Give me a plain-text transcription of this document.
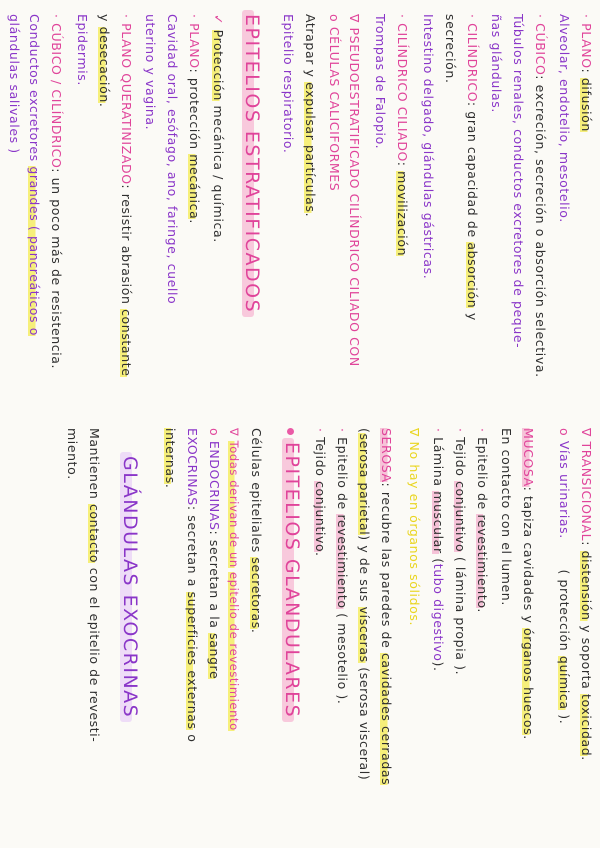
· PLANO: difusión
Alveolar, endotelio, mesotelio.
· CÚBICO: excreción, secreción o absorción selectiva.
Túbulos renales, conductos excretores de peque-
ñas glándulas.
· CILÍNDRICO: gran capacidad de absorción y
secreción.
Intestino delgado, glándulas gástricas.
· CILÍNDRICO CILIADO: movilización
Trompas de Falopio.
∇ PSEUDOESTRATIFICADO CILÍNDRICO CILIADO CON
o CÉLULAS CALICIFORMES
Atrapar y expulsar partículas.
Epitelio respiratorio.
EPITELIOS ESTRATIFICADOS
✓ Protección mecánica / química.
· PLANO: protección mecánica.
Cavidad oral, esófago, ano, faringe, cuello
uterino y vagina.
· PLANO QUERATINIZADO: resistir abrasión constante
y desecación.
Epidermis.
· CÚBICO / CILÍNDRICO: un poco más de resistencia.
Conductos excretores grandes ( pancreáticos o
glándulas salivales )
∇ TRANSICIONAL: distensión y soporta toxicidad.
o Vías urinarias. ( protección química ).
MUCOSA: tapiza cavidades y órganos huecos.
En contacto con el lumen.
· Epitelio de revestimiento.
· Tejido conjuntivo ( lámina propia ).
· Lámina muscular (tubo digestivo).
∇ No hay en órganos sólidos.
SEROSA: recubre las paredes de cavidades cerradas
(serosa parietal) y de sus vísceras (serosa visceral)
· Epitelio de revestimiento ( mesotelio ).
· Tejido conjuntivo.
EPITELIOS GLANDULARES
Células epiteliales secretoras.
∇ Todas derivan de un epitelio de revestimiento
o ENDOCRINAS: secretan a la sangre
EXOCRINAS: secretan a superficies externas o
internas.
GLÁNDULAS EXOCRINAS
Mantienen contacto con el epitelio de revesti-
miento.
